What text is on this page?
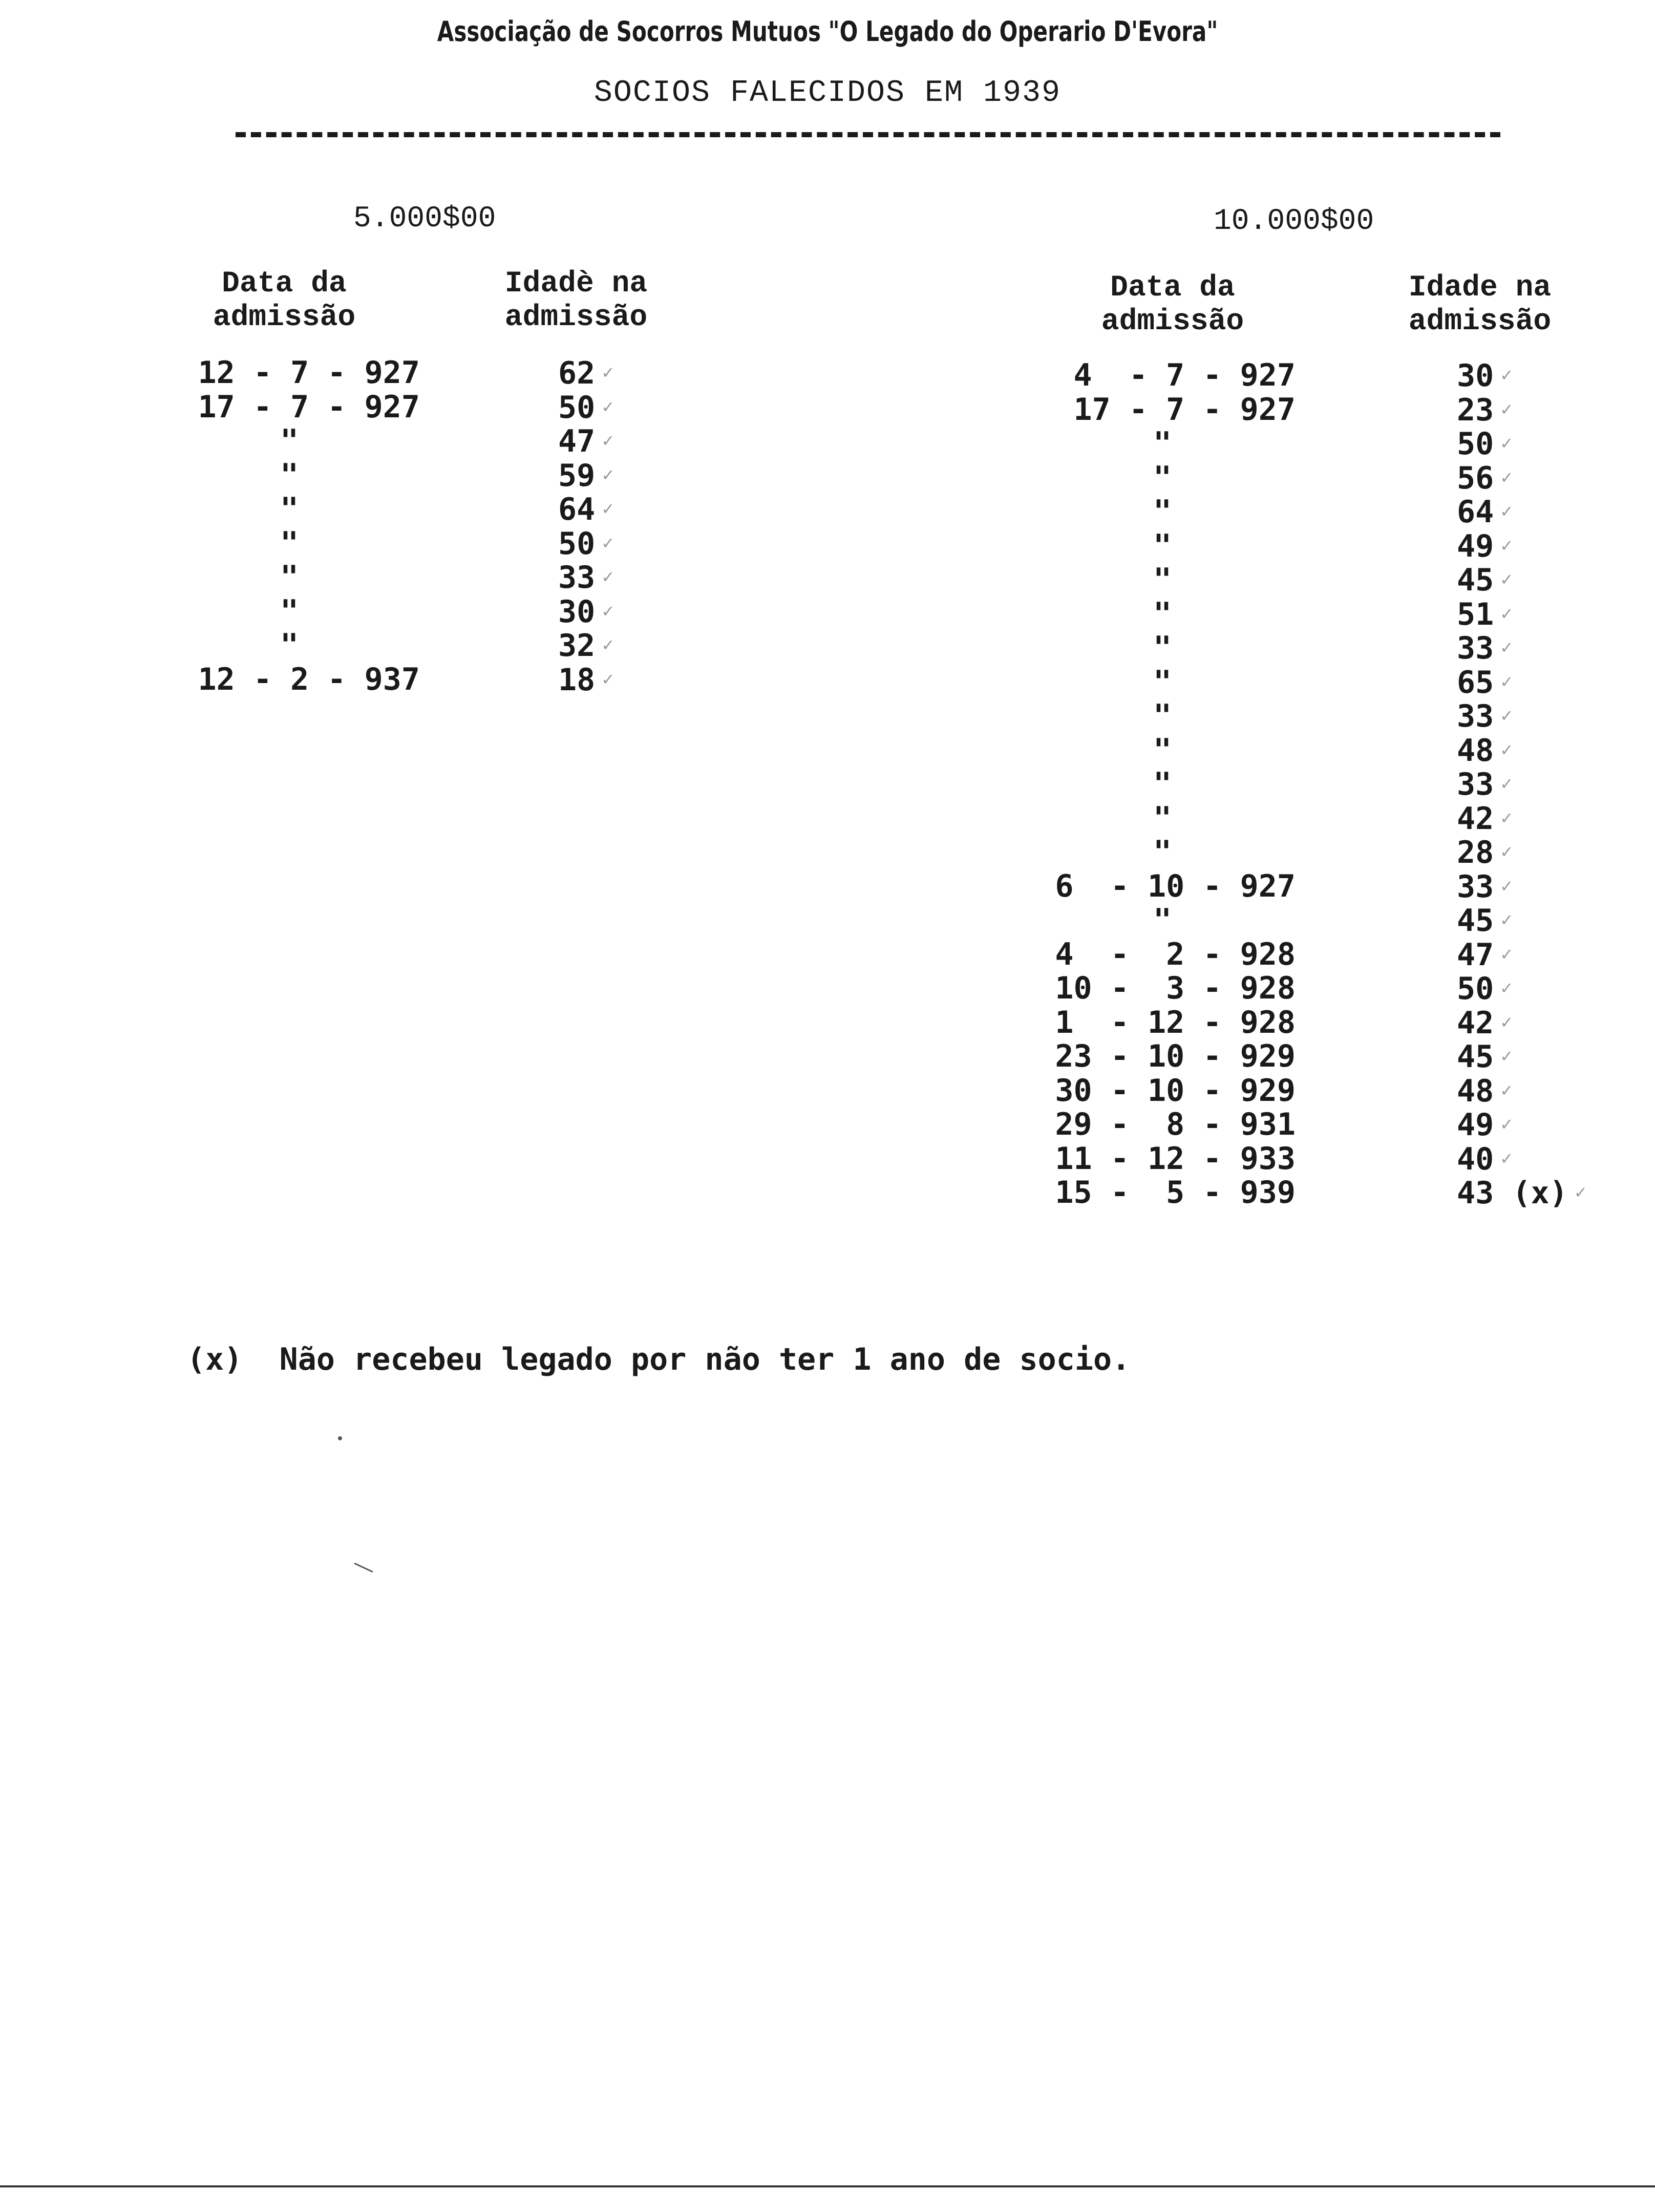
Associação de Socorros Mutuos "O Legado do Operario D'Evora"
SOCIOS FALECIDOS EM 1939
5.000$00
Data da
admissão
Idadè na
admissão
12 - 7 - 927
17 - 7 - 927
"
"
"
"
"
"
"
12 - 2 - 937
62 ✓
50 ✓
47 ✓
59 ✓
64 ✓
50 ✓
33 ✓
30 ✓
32 ✓
18 ✓
10.000$00
Data da
admissão
Idade na
admissão
4  - 7 - 927
17 - 7 - 927
"
"
"
"
"
"
"
"
"
"
"
"
"
6  - 10 - 927
"
4  -  2 - 928
10 -  3 - 928
1  - 12 - 928
23 - 10 - 929
30 - 10 - 929
29 -  8 - 931
11 - 12 - 933
15 -  5 - 939
30 ✓
23 ✓
50 ✓
56 ✓
64 ✓
49 ✓
45 ✓
51 ✓
33 ✓
65 ✓
33 ✓
48 ✓
33 ✓
42 ✓
28 ✓
33 ✓
45 ✓
47 ✓
50 ✓
42 ✓
45 ✓
48 ✓
49 ✓
40 ✓
43 (x) ✓
(x)  Não recebeu legado por não ter 1 ano de socio.
